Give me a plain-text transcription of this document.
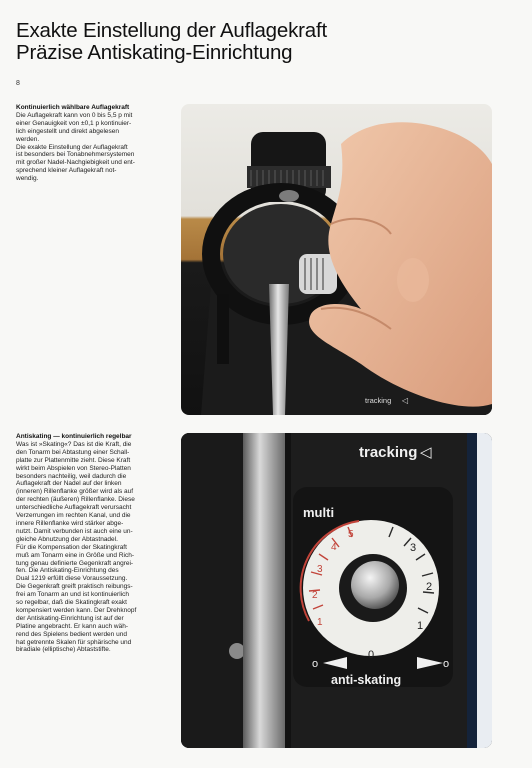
Exakte Einstellung der Auflagekraft
Präzise Antiskating-Einrichtung
8

Kontinuierlich wählbare Auflagekraft

Die Auflagekraft kann von 0 bis 5,5 p mit

einer Genauigkeit von ±0,1 p kontinuier-

lich eingestellt und direkt abgelesen

werden.

Die exakte Einstellung der Auflagekraft

ist besonders bei Tonabnehmersystemen

mit großer Nadel-Nachgiebigkeit und ent-

sprechend kleiner Auflagekraft not-

wendig.

Antiskating — kontinuierlich regelbar

Was ist »Skating«? Das ist die Kraft, die

den Tonarm bei Abtastung einer Schall-

platte zur Plattenmitte zieht. Diese Kraft

wirkt beim Abspielen von Stereo-Platten

besonders nachteilig, weil dadurch die

Auflagekraft der Nadel auf der linken

(inneren) Rillenflanke größer wird als auf

der rechten (äußeren) Rillenflanke. Diese

unterschiedliche Auflagekraft verursacht

Verzerrungen im rechten Kanal, und die

innere Rillenflanke wird stärker abge-

nutzt. Damit verbunden ist auch eine un-

gleiche Abnutzung der Abtastnadel.

Für die Kompensation der Skatingkraft

muß am Tonarm eine in Größe und Rich-

tung genau definierte Gegenkraft angrei-

fen. Die Antiskating-Einrichtung des

Dual 1219 erfüllt diese Voraussetzung.

Die Gegenkraft greift praktisch reibungs-

frei am Tonarm an und ist kontinuierlich

so regelbar, daß die Skatingkraft exakt

kompensiert werden kann. Der Drehknopf

der Antiskating-Einrichtung ist auf der

Platine angebracht. Er kann auch wäh-

rend des Spielens bedient werden und

hat getrennte Skalen für sphärische und

biradiale (elliptische) Abtaststifte.

tracking ◁
tracking ◁
multi
1
2
3
4
5
0
1
2
3
o	o
anti-skating
